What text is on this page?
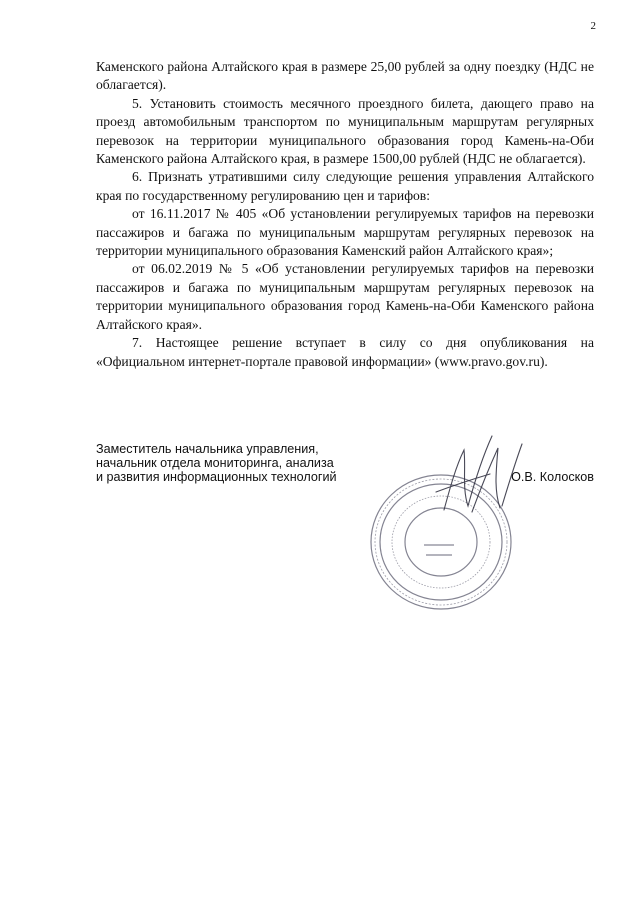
2

Каменского района Алтайского края в размере 25,00 рублей за одну поездку (НДС не облагается).

5. Установить стоимость месячного проездного билета, дающего право на проезд автомобильным транспортом по муниципальным маршрутам регулярных перевозок на территории муниципального образования город Камень-на-Оби Каменского района Алтайского края, в размере 1500,00 рублей (НДС не облагается).

6. Признать утратившими силу следующие решения управления Алтайского края по государственному регулированию цен и тарифов:

от 16.11.2017 № 405 «Об установлении регулируемых тарифов на перевозки пассажиров и багажа по муниципальным маршрутам регулярных перевозок на территории муниципального образования Каменский район Алтайского края»;

от 06.02.2019 № 5 «Об установлении регулируемых тарифов на перевозки пассажиров и багажа по муниципальным маршрутам регулярных перевозок на территории муниципального образования город Камень-на-Оби Каменского района Алтайского края».

7. Настоящее решение вступает в силу со дня опубликования на «Официальном интернет-портале правовой информации» (www.pravo.gov.ru).

Заместитель начальника управления,
начальник отдела мониторинга, анализа
и развития информационных технологий	О.В. Колосков
